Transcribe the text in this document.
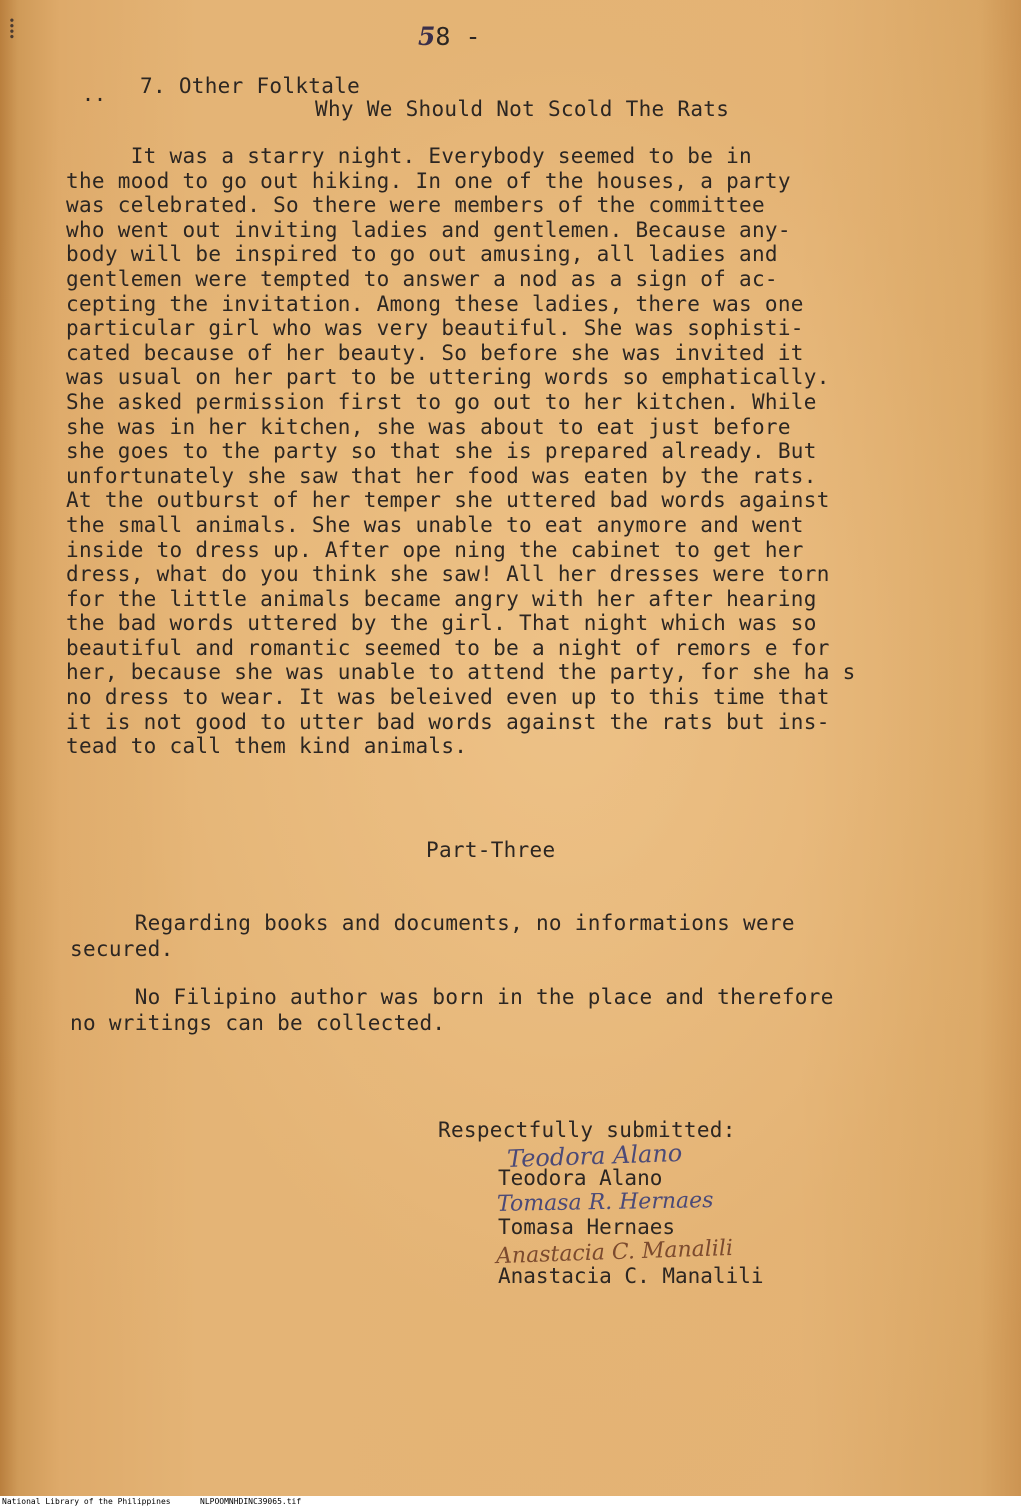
⁞	58 -
.. 7. Other Folktale
Why We Should Not Scold The Rats
It was a starry night. Everybody seemed to be in
the mood to go out hiking. In one of the houses, a party
was celebrated. So there were members of the committee
who went out inviting ladies and gentlemen. Because any-
body will be inspired to go out amusing, all ladies and
gentlemen were tempted to answer a nod as a sign of ac-
cepting the invitation. Among these ladies, there was one
particular girl who was very beautiful. She was sophisti-
cated because of her beauty. So before she was invited it
was usual on her part to be uttering words so emphatically.
She asked permission first to go out to her kitchen. While
she was in her kitchen, she was about to eat just before
she goes to the party so that she is prepared already. But
unfortunately she saw that her food was eaten by the rats.
At the outburst of her temper she uttered bad words against
the small animals. She was unable to eat anymore and went
inside to dress up. After ope ning the cabinet to get her
dress, what do you think she saw! All her dresses were torn
for the little animals became angry with her after hearing
the bad words uttered by the girl. That night which was so
beautiful and romantic seemed to be a night of remors e for
her, because she was unable to attend the party, for she ha s
no dress to wear. It was beleived even up to this time that
it is not good to utter bad words against the rats but ins-
tead to call them kind animals.
Part-Three
Regarding books and documents, no informations were
secured.
No Filipino author was born in the place and therefore
no writings can be collected.
Respectfully submitted:
Teodora Alano
Tomasa R. Hernaes
Anastacia C. Manalili
Teodora Alano
Tomasa Hernaes
Anastacia C. Manalili
National Library of the Philippines	NLPOOMNHDINC39065.tif
